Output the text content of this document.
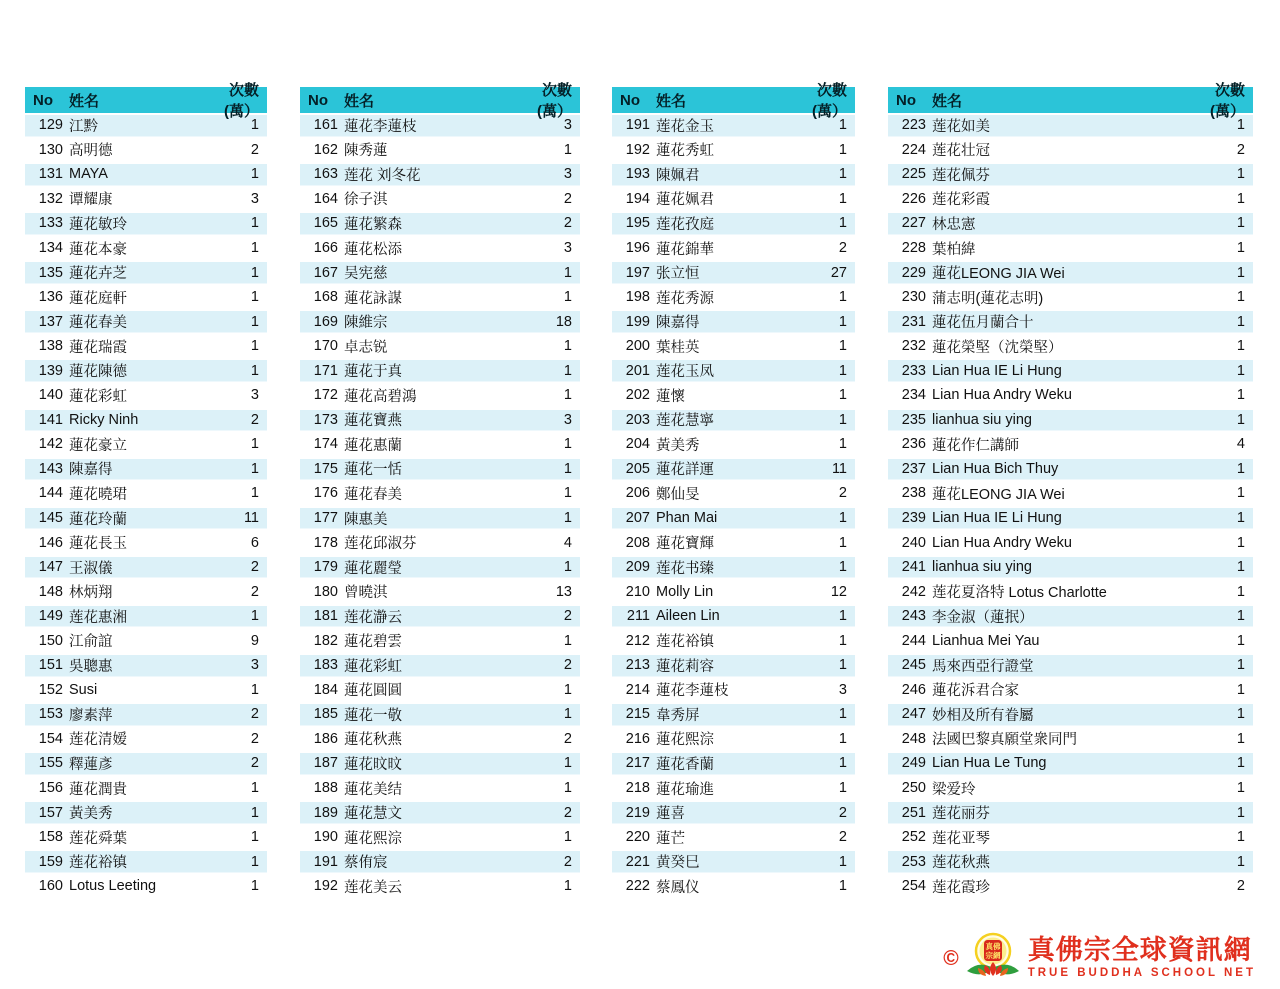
No	姓名
次數(萬）
129 江黔	1
130 高明德	2
131 MAYA	1
132 谭耀康	3
133 蓮花敏玲	1
134 蓮花本豪	1
135 蓮花卉芝	1
136 蓮花庭軒	1
137 蓮花春美	1
138 蓮花瑞霞	1
139 蓮花陳德	1
140 蓮花彩虹	3
141 Ricky Ninh	2
142 蓮花豪立	1
143 陳嘉得	1
144 蓮花曉珺	1
145 蓮花玲蘭	11
146 蓮花長玉	6
147 王淑儀	2
148 林炳翔	2
149 莲花惠湘	1
150 江俞誼	9
151 吳聰惠	3
152 Susi	1
153 廖素萍	2
154 莲花清嫒	2
155 釋蓮彥	2
156 蓮花潤貴	1
157 黃美秀	1
158 莲花舜葉	1
159 莲花裕镇	1
160 Lotus Leeting	1
No	姓名
次數(萬）
161 蓮花李蓮枝	3
162 陳秀蓮	1
163 莲花 刘冬花	3
164 徐子淇	2
165 蓮花繁森	2
166 蓮花松添	3
167 吴宪慈	1
168 蓮花詠謀	1
169 陳維宗	18
170 卓志锐	1
171 蓮花于真	1
172 蓮花高碧鴻	1
173 蓮花寶燕	3
174 蓮花惠蘭	1
175 蓮花一恬	1
176 蓮花春美	1
177 陳惠美	1
178 莲花邱淑芬	4
179 蓮花麗瑩	1
180 曾曉淇	13
181 莲花瀞云	2
182 蓮花碧雲	1
183 蓮花彩虹	2
184 蓮花圓圓	1
185 蓮花一敬	1
186 蓮花秋燕	2
187 蓮花旼旼	1
188 蓮花美结	1
189 蓮花慧文	2
190 蓮花熙淙	1
191 蔡侑宸	2
192 莲花美云	1
No	姓名
次數(萬）
191 莲花金玉	1
192 蓮花秀虹	1
193 陳姵君	1
194 蓮花姵君	1
195 莲花孜庭	1
196 蓮花錦華	2
197 张立恒	27
198 莲花秀源	1
199 陳嘉得	1
200 葉桂英	1
201 莲花玉凤	1
202 蓮懷	1
203 莲花慧寧	1
204 黃美秀	1
205 蓮花詳運	11
206 鄭仙旻	2
207 Phan Mai	1
208 蓮花寶輝	1
209 莲花书臻	1
210 Molly Lin	12
211 Aileen Lin	1
212 莲花裕镇	1
213 蓮花莉容	1
214 蓮花李蓮枝	3
215 韋秀屏	1
216 蓮花熙淙	1
217 蓮花香蘭	1
218 蓮花瑜進	1
219 蓮喜	2
220 蓮芒	2
221 黄癸巳	1
222 蔡鳳仪	1
No	姓名
次數(萬）
223 莲花如美	1
224 莲花壮冠	2
225 莲花佩芬	1
226 莲花彩霞	1
227 林忠憲	1
228 葉柏緯	1
229 蓮花LEONG JIA Wei	1
230 蒲志明(蓮花志明)	1
231 蓮花伍月蘭合十	1
232 蓮花榮堅（沈榮堅）	1
233 Lian Hua IE Li Hung	1
234 Lian Hua Andry Weku	1
235 lianhua siu ying	1
236 蓮花作仁講師	4
237 Lian Hua Bich Thuy	1
238 蓮花LEONG JIA Wei	1
239 Lian Hua IE Li Hung	1
240 Lian Hua Andry Weku	1
241 lianhua siu ying	1
242 莲花夏洛特 Lotus Charlotte	1
243 李金淑（蓮抿）	1
244 Lianhua Mei Yau	1
245 馬來西亞行證堂	1
246 蓮花泝君合家	1
247 妙相及所有眷屬	1
248 法國巴黎真願堂衆同門	1
249 Lian Hua Le Tung	1
250 梁爱玲	1
251 莲花丽芬	1
252 莲花亚琴	1
253 莲花秋燕	1
254 莲花霞珍	2
©	真佛
宗網 真佛宗全球資訊網
TRUE BUDDHA SCHOOL NET
